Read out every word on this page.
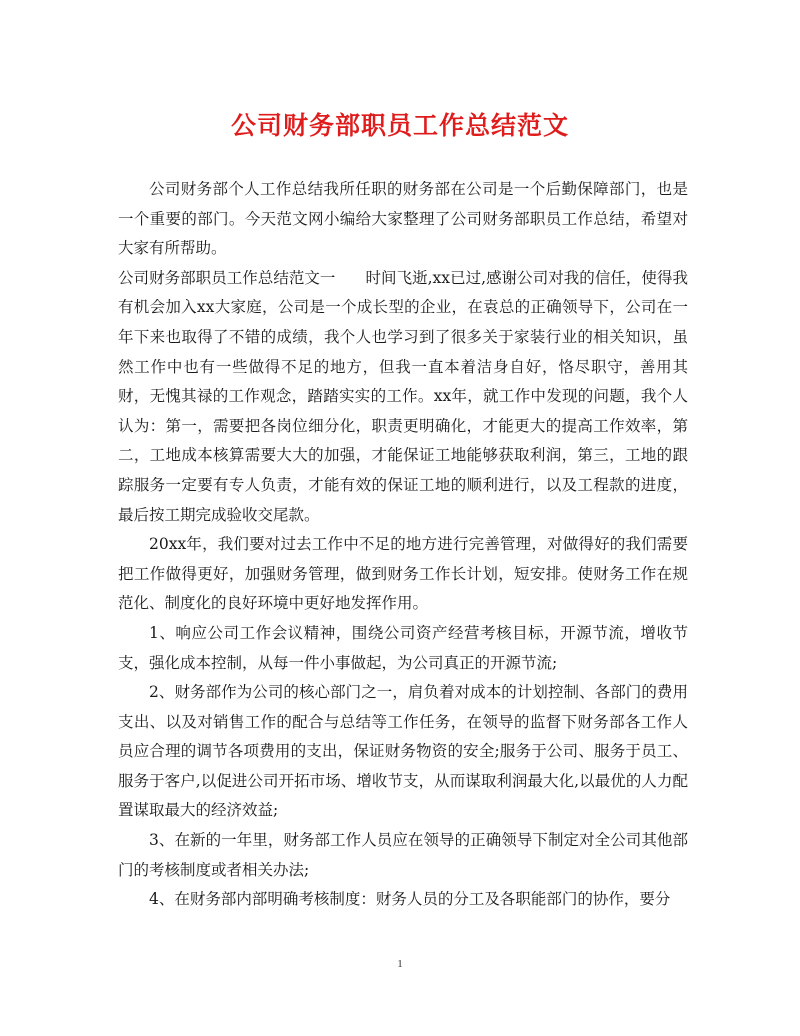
公司财务部职员工作总结范文

公司财务部个人工作总结我所任职的财务部在公司是一个后勤保障部门，也是一个重要的部门。今天范文网小编给大家整理了公司财务部职员工作总结，希望对大家有所帮助。

公司财务部职员工作总结范文一 时间飞逝,xx已过,感谢公司对我的信任，使得我有机会加入xx大家庭，公司是一个成长型的企业，在袁总的正确领导下，公司在一年下来也取得了不错的成绩，我个人也学习到了很多关于家装行业的相关知识，虽然工作中也有一些做得不足的地方，但我一直本着洁身自好，恪尽职守，善用其财，无愧其禄的工作观念，踏踏实实的工作。xx年，就工作中发现的问题，我个人认为：第一，需要把各岗位细分化，职责更明确化，才能更大的提高工作效率，第二，工地成本核算需要大大的加强，才能保证工地能够获取利润，第三，工地的跟踪服务一定要有专人负责，才能有效的保证工地的顺利进行，以及工程款的进度，最后按工期完成验收交尾款。

20xx年，我们要对过去工作中不足的地方进行完善管理，对做得好的我们需要把工作做得更好，加强财务管理，做到财务工作长计划，短安排。使财务工作在规范化、制度化的良好环境中更好地发挥作用。

1、响应公司工作会议精神，围绕公司资产经营考核目标，开源节流，增收节支，强化成本控制，从每一件小事做起，为公司真正的开源节流;

2、财务部作为公司的核心部门之一，肩负着对成本的计划控制、各部门的费用支出、以及对销售工作的配合与总结等工作任务，在领导的监督下财务部各工作人员应合理的调节各项费用的支出，保证财务物资的安全;服务于公司、服务于员工、服务于客户,以促进公司开拓市场、增收节支，从而谋取利润最大化,以最优的人力配置谋取最大的经济效益;

3、在新的一年里，财务部工作人员应在领导的正确领导下制定对全公司其他部门的考核制度或者相关办法;

4、在财务部内部明确考核制度：财务人员的分工及各职能部门的协作，要分

1
